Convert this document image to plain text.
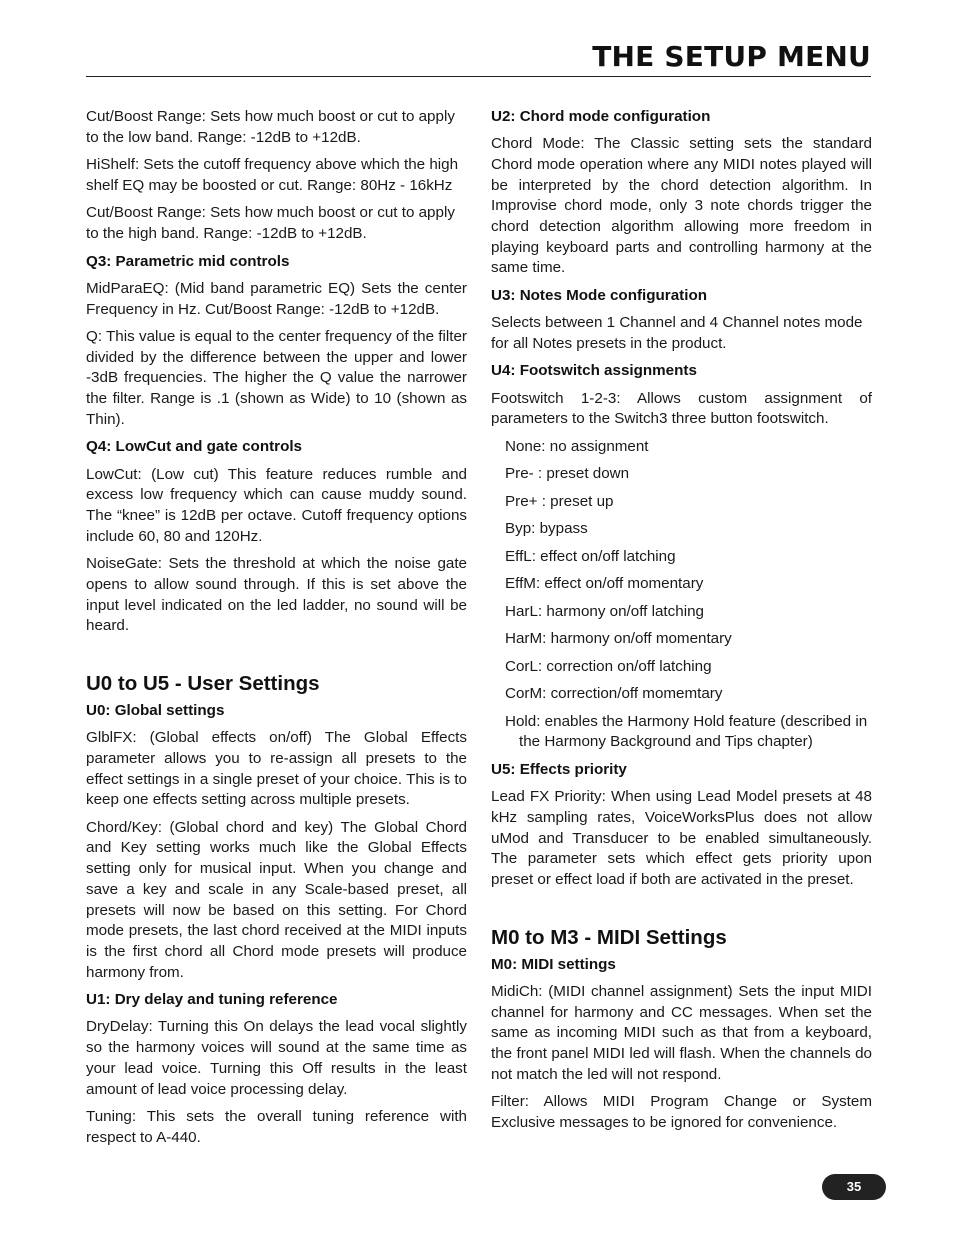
THE SETUP MENU

Cut/Boost Range: Sets how much boost or cut to apply to the low band. Range: -12dB to +12dB.

HiShelf: Sets the cutoff frequency above which the high shelf EQ may be boosted or cut. Range: 80Hz - 16kHz

Cut/Boost Range: Sets how much boost or cut to apply to the high band. Range: -12dB to +12dB.

Q3: Parametric mid controls

MidParaEQ: (Mid band parametric EQ) Sets the center Frequency in Hz. Cut/Boost Range: -12dB to +12dB.

Q: This value is equal to the center frequency of the filter divided by the difference between the upper and lower -3dB frequencies. The higher the Q value the narrower the filter. Range is .1 (shown as Wide) to 10 (shown as Thin).

Q4: LowCut and gate controls

LowCut: (Low cut) This feature reduces rumble and excess low frequency which can cause muddy sound. The “knee” is 12dB per octave. Cutoff frequency options include 60, 80 and 120Hz.

NoiseGate: Sets the threshold at which the noise gate opens to allow sound through. If this is set above the input level indicated on the led ladder, no sound will be heard.

U0 to U5 - User Settings
U0: Global settings

GlblFX: (Global effects on/off) The Global Effects parameter allows you to re-assign all presets to the effect settings in a single preset of your choice. This is to keep one effects setting across multiple presets.

Chord/Key: (Global chord and key) The Global Chord and Key setting works much like the Global Effects setting only for musical input. When you change and save a key and scale in any Scale-based preset, all presets will now be based on this setting. For Chord mode presets, the last chord received at the MIDI inputs is the first chord all Chord mode presets will produce harmony from.

U1: Dry delay and tuning reference

DryDelay: Turning this On delays the lead vocal slightly so the harmony voices will sound at the same time as your lead voice. Turning this Off results in the least amount of lead voice processing delay.

Tuning: This sets the overall tuning reference with respect to A-440.

U2: Chord mode configuration

Chord Mode: The Classic setting sets the standard Chord mode operation where any MIDI notes played will be interpreted by the chord detection algorithm. In Improvise chord mode, only 3 note chords trigger the chord detection algorithm allowing more freedom in playing keyboard parts and controlling harmony at the same time.

U3: Notes Mode configuration

Selects between 1 Channel and 4 Channel notes mode for all Notes presets in the product.

U4: Footswitch assignments

Footswitch 1-2-3: Allows custom assignment of parameters to the Switch3 three button footswitch.

None: no assignment
Pre- : preset down
Pre+ : preset up
Byp: bypass
EffL: effect on/off latching
EffM: effect on/off momentary
HarL: harmony on/off latching
HarM: harmony on/off momentary
CorL: correction on/off latching
CorM: correction/off momemtary
Hold: enables the Harmony Hold feature (described in the Harmony Background and Tips chapter)
U5: Effects priority

Lead FX Priority: When using Lead Model presets at 48 kHz sampling rates, VoiceWorksPlus does not allow uMod and Transducer to be enabled simultaneously. The parameter sets which effect gets priority upon preset or effect load if both are activated in the preset.

M0 to M3 - MIDI Settings
M0: MIDI settings

MidiCh: (MIDI channel assignment) Sets the input MIDI channel for harmony and CC messages. When set the same as incoming MIDI such as that from a keyboard, the front panel MIDI led will flash. When the channels do not match the led will not respond.

Filter: Allows MIDI Program Change or System Exclusive messages to be ignored for convenience.

35
